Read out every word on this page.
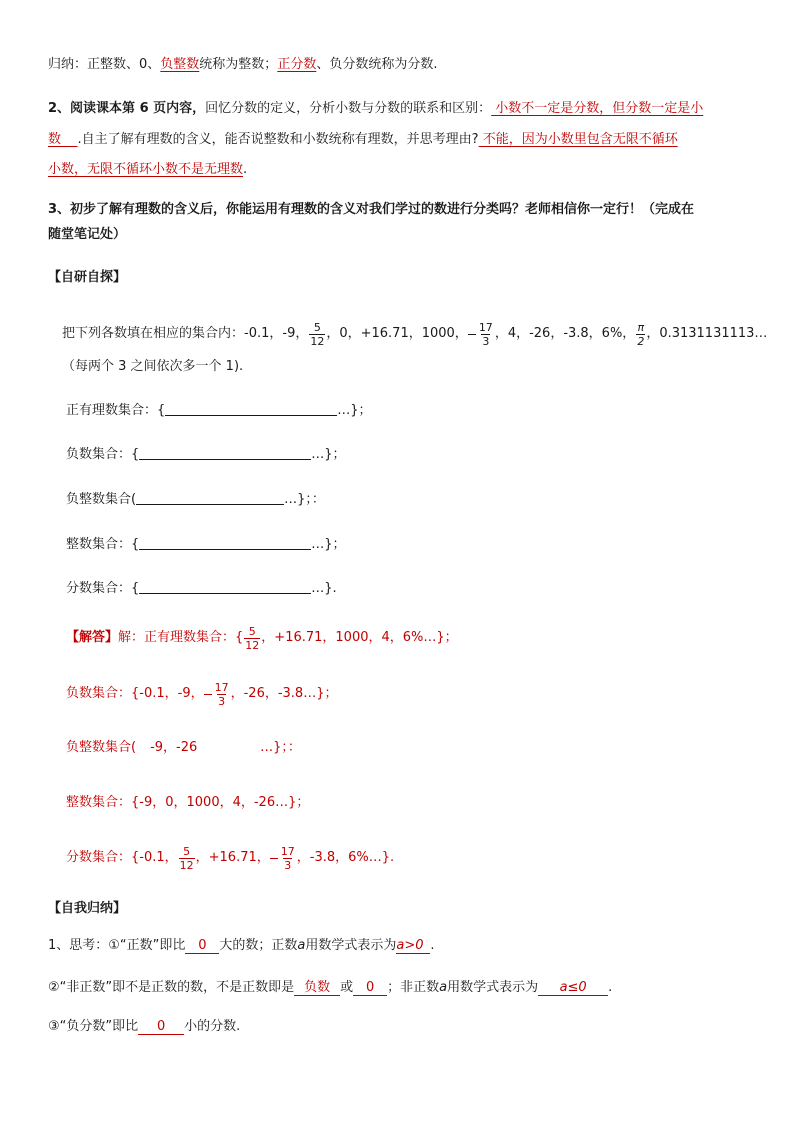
归纳：正整数、0、负整数统称为整数；正分数、负分数统称为分数.
2、阅读课本第 6 页内容，回忆分数的定义，分析小数与分数的联系和区别： 小数不一定是分数，但分数一定是小
数    .自主了解有理数的含义，能否说整数和小数统称有理数，并思考理由? 不能，因为小数里包含无限不循环
小数，无限不循环小数不是无理数.
3、初步了解有理数的含义后，你能运用有理数的含义对我们学过的数进行分类吗？老师相信你一定行！（完成在
随堂笔记处）
【自研自探】
把下列各数填在相应的集合内： -0.1，-9， $\frac{5}{12}$ ，0，+16.71，1000， $\frac{17}{3}$ ，4，-26，-3.8，6%， $\frac{\pi}{2}$ ，0.3131131113…
（每两个 3 之间依次多一个 1).
正有理数集合：{	…}；
负数集合：{	…}；
负整数集合(	…}；：
整数集合：{	…}；
分数集合：{	…}.
【解答】 解：正有理数集合：{ $\frac{5}{12}$ ，+16.71，1000，4，6%…}；
负数集合：{-0.1，-9， $\frac{17}{3}$ ，-26，-3.8…}；
负整数集合( -9，-26	…}；：
整数集合：{-9，0，1000，4，-26…}；
分数集合：{-0.1， $\frac{5}{12}$ ，+16.71， $\frac{17}{3}$ ，-3.8，6%…}.
【自我归纳】
1、思考：①“正数”即比 0 大的数；正数a用数学式表示为a>0 .
②“非正数”即不是正数的数，不是正数即是 负数 或 0 ；非正数a用数学式表示为 a≤0 .
③“负分数”即比 0 小的分数.
